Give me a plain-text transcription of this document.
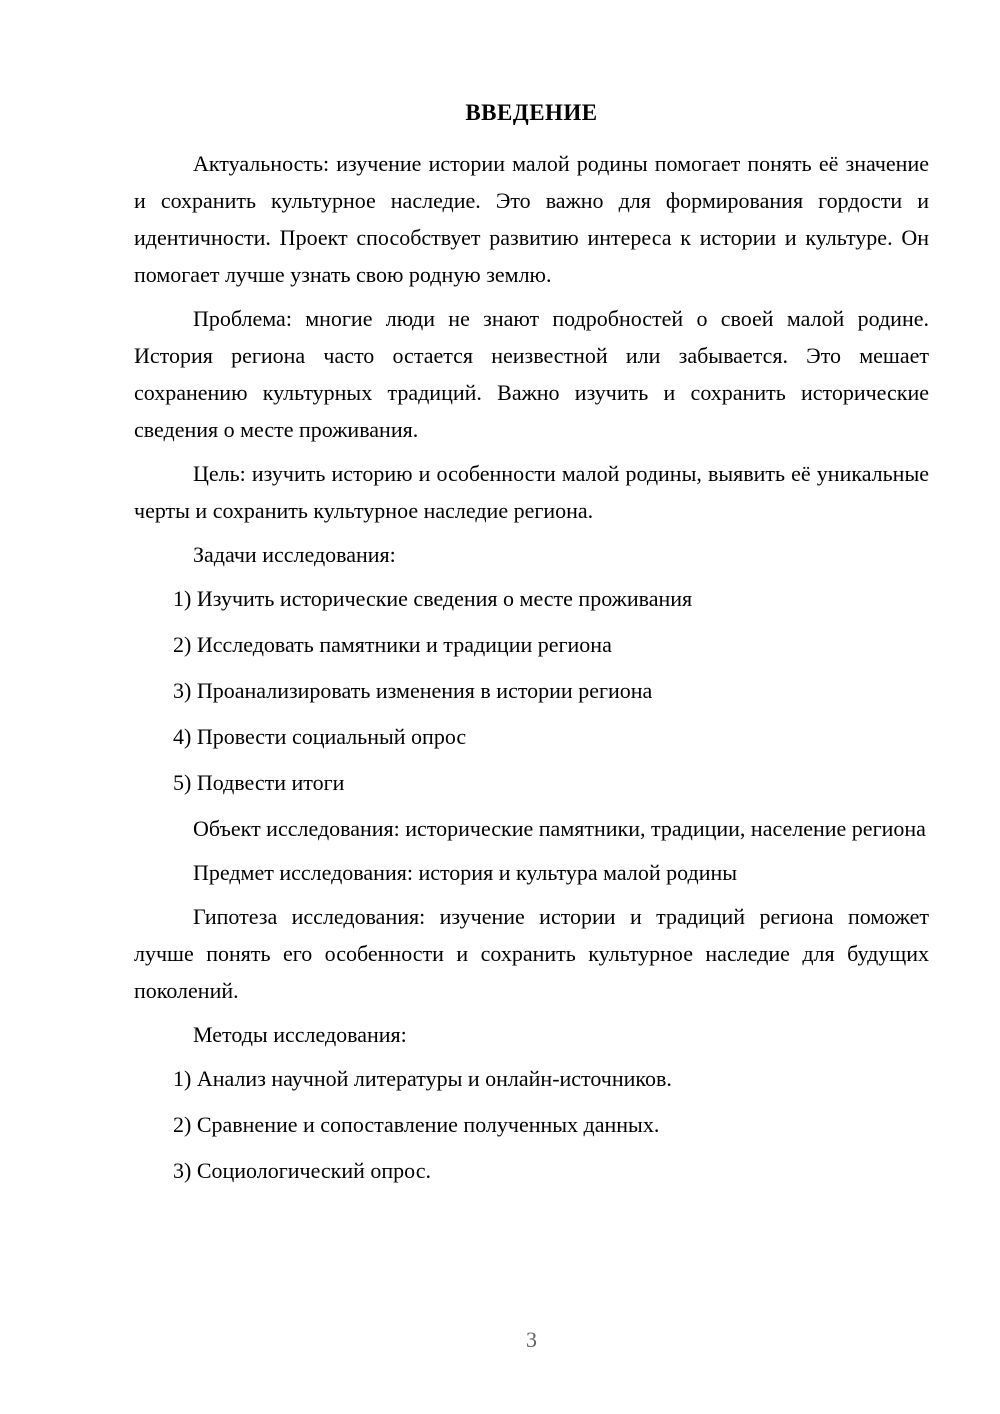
ВВЕДЕНИЕ

Актуальность: изучение истории малой родины помогает понять её значение и сохранить культурное наследие. Это важно для формирования гордости и идентичности. Проект способствует развитию интереса к истории и культуре. Он помогает лучше узнать свою родную землю.

Проблема: многие люди не знают подробностей о своей малой родине. История региона часто остается неизвестной или забывается. Это мешает сохранению культурных традиций. Важно изучить и сохранить исторические сведения о месте проживания.

Цель: изучить историю и особенности малой родины, выявить её уникальные черты и сохранить культурное наследие региона.

Задачи исследования:

1) Изучить исторические сведения о месте проживания

2) Исследовать памятники и традиции региона

3) Проанализировать изменения в истории региона

4) Провести социальный опрос

5) Подвести итоги

Объект исследования: исторические памятники, традиции, население региона

Предмет исследования: история и культура малой родины

Гипотеза исследования: изучение истории и традиций региона поможет лучше понять его особенности и сохранить культурное наследие для будущих поколений.

Методы исследования:

1) Анализ научной литературы и онлайн-источников.

2) Сравнение и сопоставление полученных данных.

3) Социологический опрос.

3
